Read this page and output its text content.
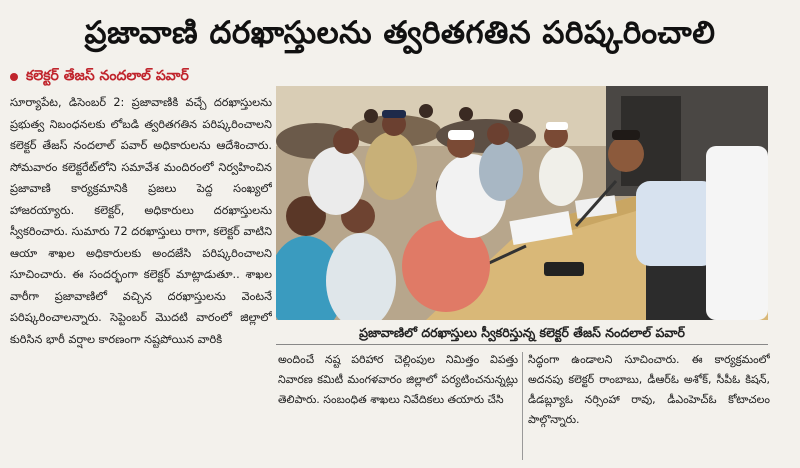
ప్రజావాణి దరఖాస్తులను త్వరితగతిన పరిష్కరించాలి
కలెక్టర్ తేజస్ నందలాల్ పవార్

సూర్యాపేట, డిసెంబర్ 2: ప్రజావాణికి వచ్చే దరఖాస్తులను ప్రభుత్వ నిబంధనలకు లోబడి త్వరితగతిన పరిష్కరించాలని కలెక్టర్ తేజస్ నందలాల్ పవార్ అధికారులను ఆదేశించారు. సోమవారం కలెక్టరేట్‌లోని సమావేశ మందిరంలో నిర్వహించిన ప్రజావాణి కార్యక్రమానికి ప్రజలు పెద్ద సంఖ్యలో హాజరయ్యారు. కలెక్టర్, అధికారులు దరఖాస్తులను స్వీకరించారు. సుమారు 72 దరఖాస్తులు రాగా, కలెక్టర్ వాటిని ఆయా శాఖల అధికారులకు అందజేసి పరిష్కరించాలని సూచించారు. ఈ సందర్భంగా కలెక్టర్ మాట్లాడుతూ.. శాఖల వారీగా ప్రజావాణిలో వచ్చిన దరఖాస్తులను వెంటనే పరిష్కరించాలన్నారు. సెప్టెంబర్ మొదటి వారంలో జిల్లాలో కురిసిన భారీ వర్షాల కారణంగా నష్టపోయిన వారికి	ప్రజావాణిలో దరఖాస్తులు స్వీకరిస్తున్న కలెక్టర్ తేజస్ నందలాల్ పవార్

అందించే నష్ట పరిహార చెల్లింపుల నిమిత్తం విపత్తు నివారణ కమిటీ మంగళవారం జిల్లాలో పర్యటించనున్నట్లు తెలిపారు. సంబంధిత శాఖలు నివేదికలు తయారు చేసి

సిద్ధంగా ఉండాలని సూచించారు. ఈ కార్యక్రమంలో అదనపు కలెక్టర్ రాంబాబు, డీఆర్‌ఓ అశోక్, సీపీఓ కిషన్, డీడబ్ల్యూఓ నర్సింహా రావు, డీఎంహెచ్ఓ కోటాచలం పాల్గొన్నారు.
